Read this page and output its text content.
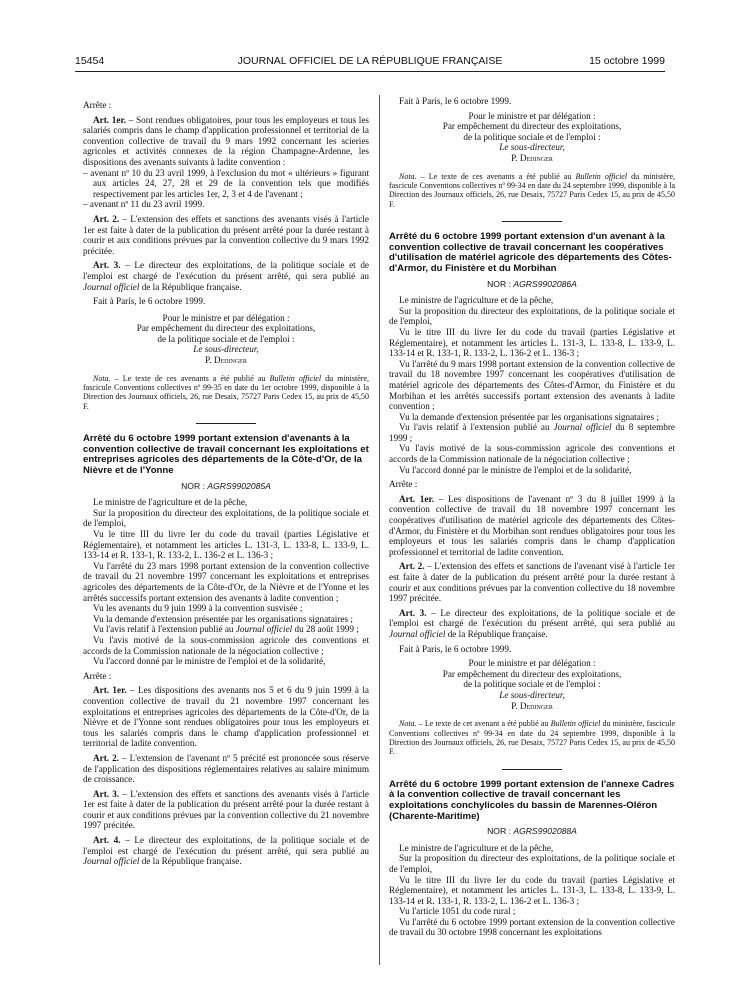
15454	JOURNAL OFFICIEL DE LA RÉPUBLIQUE FRANÇAISE	15 octobre 1999

Arrête :

Art. 1er. – Sont rendues obligatoires, pour tous les employeurs et tous les salariés compris dans le champ d'application professionnel et territorial de la convention collective de travail du 9 mars 1992 concernant les scieries agricoles et activités connexes de la région Champagne-Ardenne, les dispositions des avenants suivants à ladite convention :

– avenant nº 10 du 23 avril 1999, à l'exclusion du mot « ultérieurs » figurant aux articles 24, 27, 28 et 29 de la convention tels que modifiés respectivement par les articles 1er, 2, 3 et 4 de l'avenant ;
– avenant nº 11 du 23 avril 1999.

Art. 2. – L'extension des effets et sanctions des avenants visés à l'article 1er est faite à dater de la publication du présent arrêté pour la durée restant à courir et aux conditions prévues par la convention collective du 9 mars 1992 précitée.

Art. 3. – Le directeur des exploitations, de la politique sociale et de l'emploi est chargé de l'exécution du présent arrêté, qui sera publié au Journal officiel de la République française.

Fait à Paris, le 6 octobre 1999.

Pour le ministre et par délégation :

Par empêchement du directeur des exploitations,

de la politique sociale et de l'emploi :

Le sous-directeur,

P. Dedinger

Nota. – Le texte de ces avenants a été publié au Bulletin officiel du ministère, fascicule Conventions collectives nº 99-35 en date du 1er octobre 1999, disponible à la Direction des Journaux officiels, 26, rue Desaix, 75727 Paris Cedex 15, au prix de 45,50 F.

Arrêté du 6 octobre 1999 portant extension d'avenants à la convention collective de travail concernant les exploitations et entreprises agricoles des départements de la Côte-d'Or, de la Nièvre et de l'Yonne

NOR : AGRS9902085A

Le ministre de l'agriculture et de la pêche,

Sur la proposition du directeur des exploitations, de la politique sociale et de l'emploi,

Vu le titre III du livre Ier du code du travail (parties Législative et Réglementaire), et notamment les articles L. 131-3, L. 133-8, L. 133-9, L. 133-14 et R. 133-1, R. 133-2, L. 136-2 et L. 136-3 ;

Vu l'arrêté du 23 mars 1998 portant extension de la convention collective de travail du 21 novembre 1997 concernant les exploitations et entreprises agricoles des départements de la Côte-d'Or, de la Nièvre et de l'Yonne et les arrêtés successifs portant extension des avenants à ladite convention ;

Vu les avenants du 9 juin 1999 à la convention susvisée ;

Vu la demande d'extension présentée par les organisations signataires ;

Vu l'avis relatif à l'extension publié au Journal officiel du 28 août 1999 ;

Vu l'avis motivé de la sous-commission agricole des conventions et accords de la Commission nationale de la négociation collective ;

Vu l'accord donné par le ministre de l'emploi et de la solidarité,

Arrête :

Art. 1er. – Les dispositions des avenants nos 5 et 6 du 9 juin 1999 à la convention collective de travail du 21 novembre 1997 concernant les exploitations et entreprises agricoles des départements de la Côte-d'Or, de la Nièvre et de l'Yonne sont rendues obligatoires pour tous les employeurs et tous les salariés compris dans le champ d'application professionnel et territorial de ladite convention.

Art. 2. – L'extension de l'avenant nº 5 précité est prononcée sous réserve de l'application des dispositions réglementaires relatives au salaire minimum de croissance.

Art. 3. – L'extension des effets et sanctions des avenants visés à l'article 1er est faite à dater de la publication du présent arrêté pour la durée restant à courir et aux conditions prévues par la convention collective du 21 novembre 1997 précitée.

Art. 4. – Le directeur des exploitations, de la politique sociale et de l'emploi est chargé de l'exécution du présent arrêté, qui sera publié au Journal officiel de la République française.

Fait à Paris, le 6 octobre 1999.

Pour le ministre et par délégation :

Par empêchement du directeur des exploitations,

de la politique sociale et de l'emploi :

Le sous-directeur,

P. Dedinger

Nota. – Le texte de ces avenants a été publié au Bulletin officiel du ministère, fascicule Conventions collectives nº 99-34 en date du 24 septembre 1999, disponible à la Direction des Journaux officiels, 26, rue Desaix, 75727 Paris Cedex 15, au prix de 45,50 F.

Arrêté du 6 octobre 1999 portant extension d'un avenant à la convention collective de travail concernant les coopératives d'utilisation de matériel agricole des départements des Côtes-d'Armor, du Finistère et du Morbihan

NOR : AGRS9902086A

Le ministre de l'agriculture et de la pêche,

Sur la proposition du directeur des exploitations, de la politique sociale et de l'emploi,

Vu le titre III du livre Ier du code du travail (parties Législative et Réglementaire), et notamment les articles L. 131-3, L. 133-8, L. 133-9, L. 133-14 et R. 133-1, R. 133-2, L. 136-2 et L. 136-3 ;

Vu l'arrêté du 9 mars 1998 portant extension de la convention collective de travail du 18 novembre 1997 concernant les coopératives d'utilisation de matériel agricole des départements des Côtes-d'Armor, du Finistère et du Morbihan et les arrêtés successifs portant extension des avenants à ladite convention ;

Vu la demande d'extension présentée par les organisations signataires ;

Vu l'avis relatif à l'extension publié au Journal officiel du 8 septembre 1999 ;

Vu l'avis motivé de la sous-commission agricole des conventions et accords de la Commission nationale de la négociation collective ;

Vu l'accord donné par le ministre de l'emploi et de la solidarité,

Arrête :

Art. 1er. – Les dispositions de l'avenant nº 3 du 8 juillet 1999 à la convention collective de travail du 18 novembre 1997 concernant les coopératives d'utilisation de matériel agricole des départements des Côtes-d'Armor, du Finistère et du Morbihan sont rendues obligatoires pour tous les employeurs et tous les salariés compris dans le champ d'application professionnel et territorial de ladite convention.

Art. 2. – L'extension des effets et sanctions de l'avenant visé à l'article 1er est faite à dater de la publication du présent arrêté pour la durée restant à courir et aux conditions prévues par la convention collective du 18 novembre 1997 précitée.

Art. 3. – Le directeur des exploitations, de la politique sociale et de l'emploi est chargé de l'exécution du présent arrêté, qui sera publié au Journal officiel de la République française.

Fait à Paris, le 6 octobre 1999.

Pour le ministre et par délégation :

Par empêchement du directeur des exploitations,

de la politique sociale et de l'emploi :

Le sous-directeur,

P. Dedinger

Nota. – Le texte de cet avenant a été publié au Bulletin officiel du ministère, fascicule Conventions collectives nº 99-34 en date du 24 septembre 1999, disponible à la Direction des Journaux officiels, 26, rue Desaix, 75727 Paris Cedex 15, au prix de 45,50 F.

Arrêté du 6 octobre 1999 portant extension de l'annexe Cadres à la convention collective de travail concernant les exploitations conchylicoles du bassin de Marennes-Oléron (Charente-Maritime)

NOR : AGRS9902088A

Le ministre de l'agriculture et de la pêche,

Sur la proposition du directeur des exploitations, de la politique sociale et de l'emploi,

Vu le titre III du livre Ier du code du travail (parties Législative et Réglementaire), et notamment les articles L. 131-3, L. 133-8, L. 133-9, L. 133-14 et R. 133-1, R. 133-2, L. 136-2 et L. 136-3 ;

Vu l'article 1051 du code rural ;

Vu l'arrêté du 6 octobre 1999 portant extension de la convention collective de travail du 30 octobre 1998 concernant les exploitations
